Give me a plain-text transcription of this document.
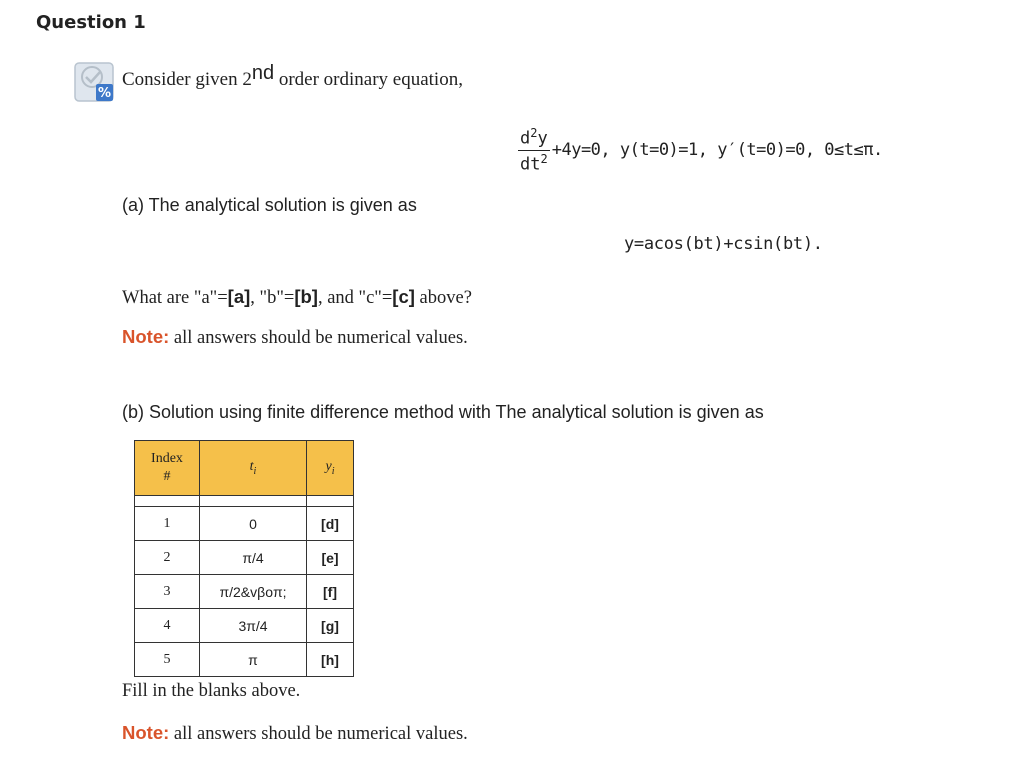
Question 1
%
Consider given 2nd order ordinary equation,
$\frac{d^2y}{dt^2} +4y=0$, y(t=0)=1, y′(t=0)=0, 0≤t≤π.
(a) The analytical solution is given as
y=acos(bt)+csin(bt).
What are "a"=[a], "b"=[b], and "c"=[c] above?
Note: all answers should be numerical values.
(b) Solution using finite difference method with The analytical solution is given as
Index
#	$t_i$	$y_i$

1	0	[d]
2	π/4	[e]
3	π/2&vβoπ;	[f]
4	3π/4	[g]
5	π	[h]
Fill in the blanks above.
Note: all answers should be numerical values.
